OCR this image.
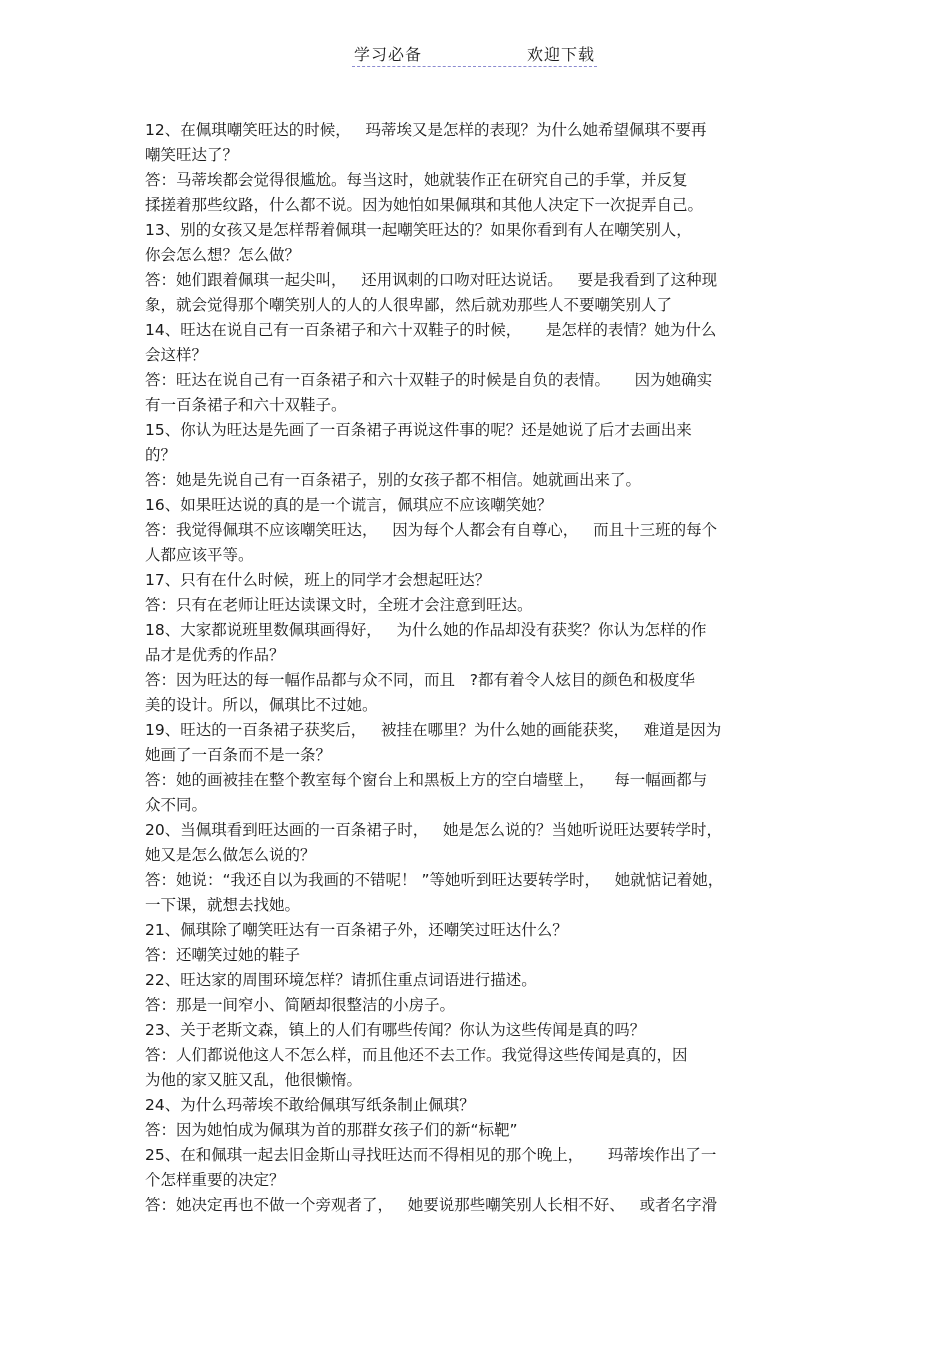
学习必备	欢迎下载
12、在佩琪嘲笑旺达的时候，   玛蒂埃又是怎样的表现？为什么她希望佩琪不要再
嘲笑旺达了？
答：马蒂埃都会觉得很尴尬。每当这时，她就装作正在研究自己的手掌，并反复
揉搓着那些纹路，什么都不说。因为她怕如果佩琪和其他人决定下一次捉弄自己。
13、别的女孩又是怎样帮着佩琪一起嘲笑旺达的？如果你看到有人在嘲笑别人，
你会怎么想？怎么做？
答：她们跟着佩琪一起尖叫，   还用讽刺的口吻对旺达说话。   要是我看到了这种现
象，就会觉得那个嘲笑别人的人的人很卑鄙，然后就劝那些人不要嘲笑别人了
14、旺达在说自己有一百条裙子和六十双鞋子的时候，     是怎样的表情？她为什么
会这样？
答：旺达在说自己有一百条裙子和六十双鞋子的时候是自负的表情。     因为她确实
有一百条裙子和六十双鞋子。
15、你认为旺达是先画了一百条裙子再说这件事的呢？还是她说了后才去画出来
的？
答：她是先说自己有一百条裙子，别的女孩子都不相信。她就画出来了。
16、如果旺达说的真的是一个谎言，佩琪应不应该嘲笑她？
答：我觉得佩琪不应该嘲笑旺达，   因为每个人都会有自尊心，   而且十三班的每个
人都应该平等。
17、只有在什么时候，班上的同学才会想起旺达？
答：只有在老师让旺达读课文时，全班才会注意到旺达。
18、大家都说班里数佩琪画得好，   为什么她的作品却没有获奖？你认为怎样的作
品才是优秀的作品？
答：因为旺达的每一幅作品都与众不同，而且   ?都有着令人炫目的颜色和极度华
美的设计。所以，佩琪比不过她。
19、旺达的一百条裙子获奖后，   被挂在哪里？为什么她的画能获奖，   难道是因为
她画了一百条而不是一条？
答：她的画被挂在整个教室每个窗台上和黑板上方的空白墙壁上，    每一幅画都与
众不同。
20、当佩琪看到旺达画的一百条裙子时，   她是怎么说的？当她听说旺达要转学时，
她又是怎么做怎么说的？
答：她说：“我还自以为我画的不错呢！ ”等她听到旺达要转学时，   她就惦记着她，
一下课，就想去找她。
21、佩琪除了嘲笑旺达有一百条裙子外，还嘲笑过旺达什么？
答：还嘲笑过她的鞋子
22、旺达家的周围环境怎样？请抓住重点词语进行描述。
答：那是一间窄小、简陋却很整洁的小房子。
23、关于老斯文森，镇上的人们有哪些传闻？你认为这些传闻是真的吗？
答：人们都说他这人不怎么样，而且他还不去工作。我觉得这些传闻是真的，因
为他的家又脏又乱，他很懒惰。
24、为什么玛蒂埃不敢给佩琪写纸条制止佩琪？
答：因为她怕成为佩琪为首的那群女孩子们的新“标靶”
25、在和佩琪一起去旧金斯山寻找旺达而不得相见的那个晚上，     玛蒂埃作出了一
个怎样重要的决定？
答：她决定再也不做一个旁观者了，   她要说那些嘲笑别人长相不好、   或者名字滑
